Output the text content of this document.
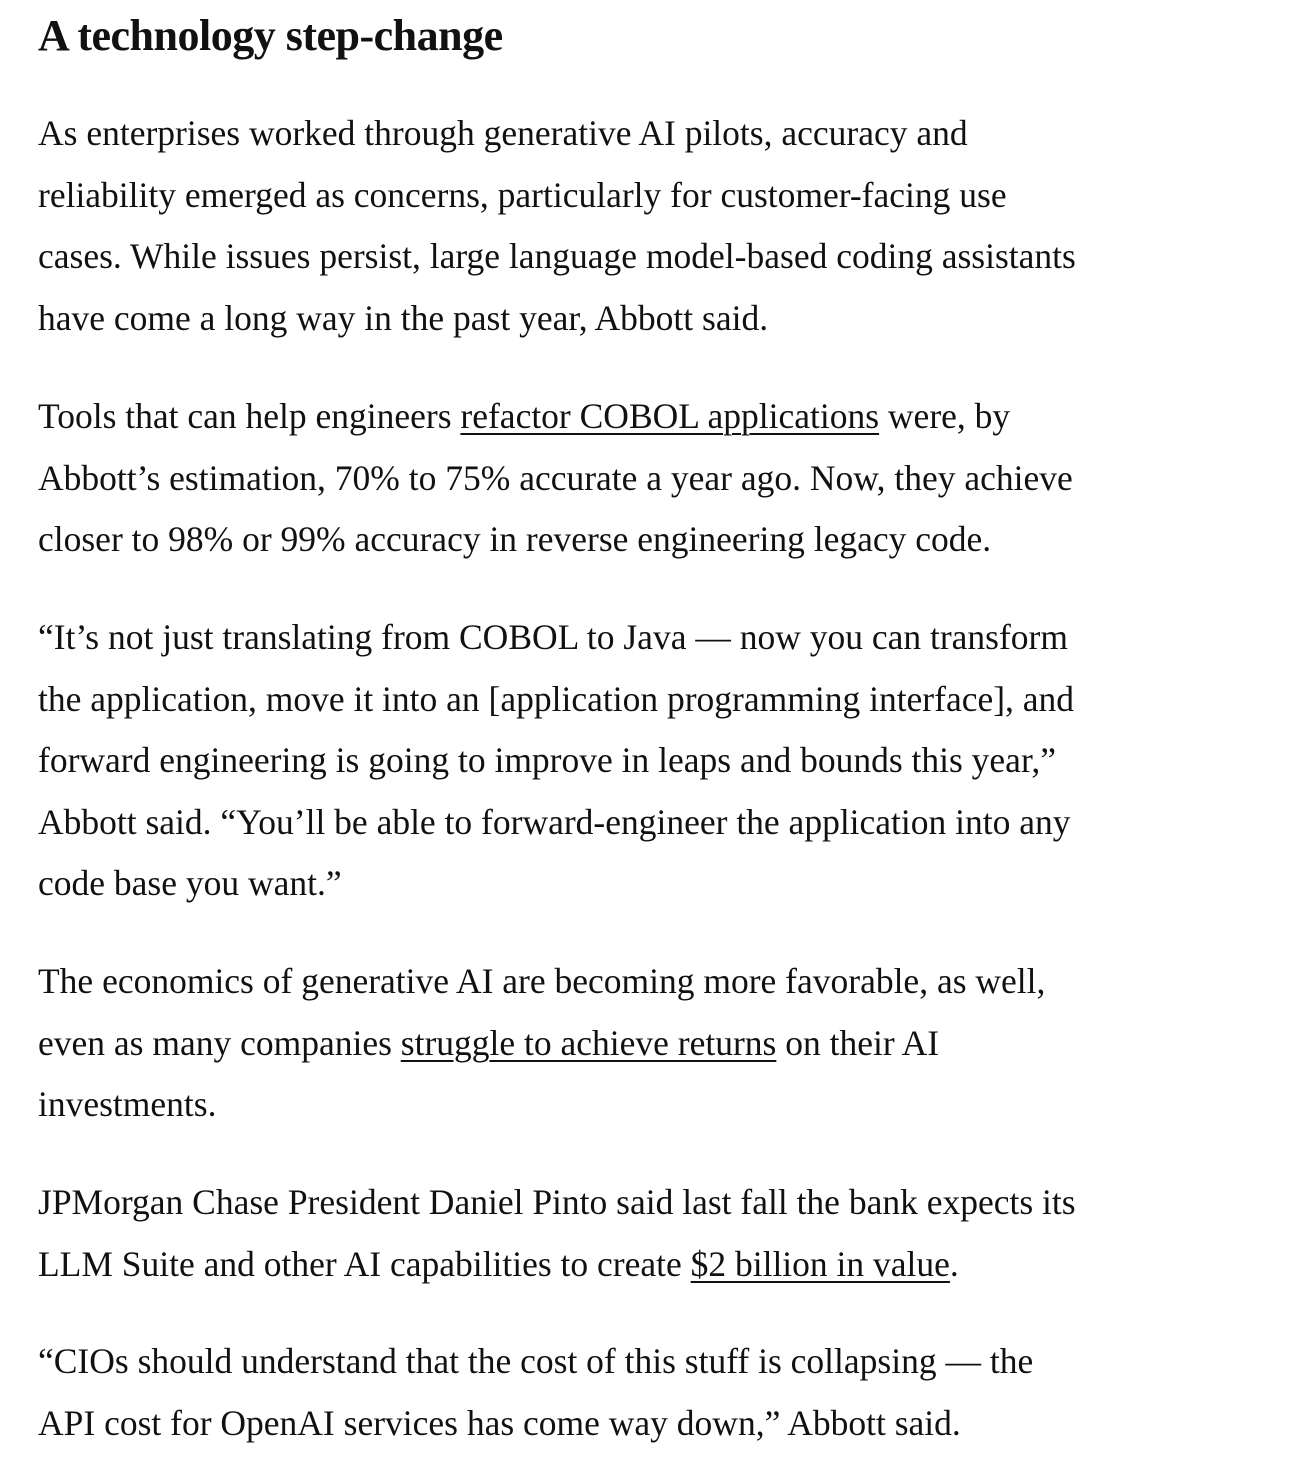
A technology step-change

As enterprises worked through generative AI pilots, accuracy and
reliability emerged as concerns, particularly for customer-facing use
cases. While issues persist, large language model-based coding assistants
have come a long way in the past year, Abbott said.

Tools that can help engineers refactor COBOL applications were, by
Abbott’s estimation, 70% to 75% accurate a year ago. Now, they achieve
closer to 98% or 99% accuracy in reverse engineering legacy code.

“It’s not just translating from COBOL to Java — now you can transform
the application, move it into an [application programming interface], and
forward engineering is going to improve in leaps and bounds this year,”
Abbott said. “You’ll be able to forward-engineer the application into any
code base you want.”

The economics of generative AI are becoming more favorable, as well,
even as many companies struggle to achieve returns on their AI
investments.

JPMorgan Chase President Daniel Pinto said last fall the bank expects its
LLM Suite and other AI capabilities to create $2 billion in value.

“CIOs should understand that the cost of this stuff is collapsing — the
API cost for OpenAI services has come way down,” Abbott said.
